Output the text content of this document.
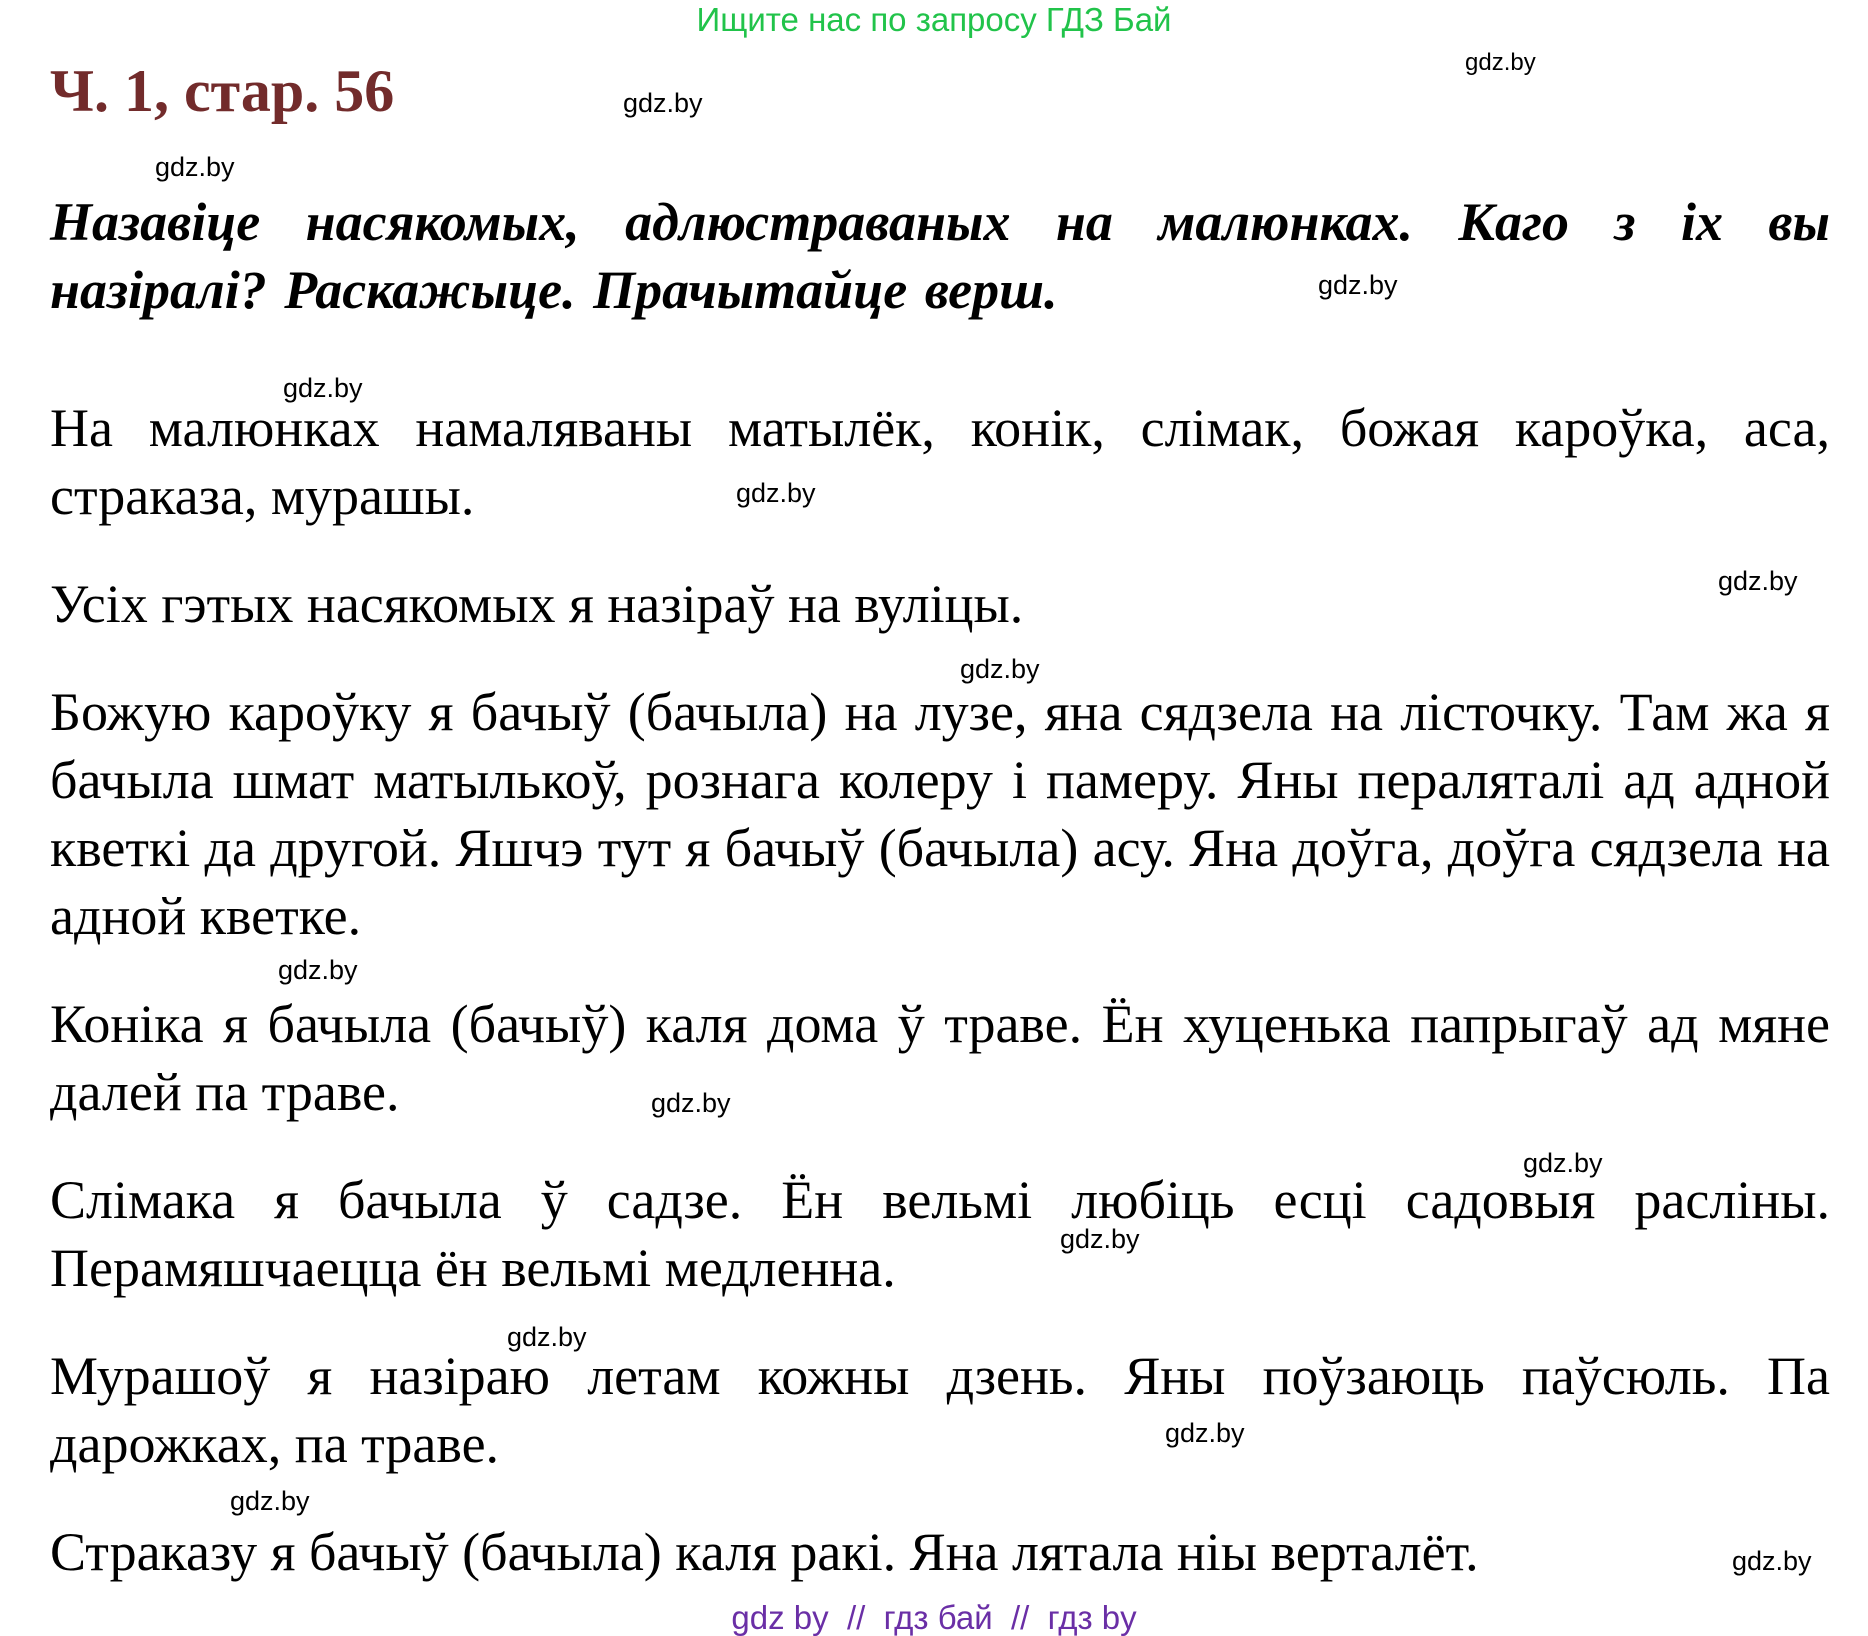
Ищите нас по запросу ГДЗ Бай
Ч. 1, стар. 56	gdz.by
gdz.by
gdz.by

Назавіце насякомых, адлюстраваных на малюнках. Каго з іх вы назіралі? Раскажыце. Прачытайце верш.	gdz.by
gdz.by

На малюнках намаляваны матылёк, конік, слімак, божая кароўка, аса, страказа, мурашы.	gdz.by
gdz.by

Усіх гэтых насякомых я назіраў на вуліцы.

gdz.by

Божую кароўку я бачыў (бачыла) на лузе, яна сядзела на лісточку. Там жа я бачыла шмат матылькоў, рознага колеру і памеру. Яны пераляталі ад адной кветкі да другой. Яшчэ тут я бачыў (бачыла) асу. Яна доўга, доўга сядзела на адной кветке.

gdz.by

Коніка я бачыла (бачыў) каля дома ў траве. Ён хуценька папрыгаў ад мяне далей па траве.	gdz.by
gdz.by

Слімака я бачыла ў садзе. Ён вельмі любіць есці садовыя расліны. Перамяшчаецца ён вельмі медленна.	gdz.by
gdz.by

Мурашоў я назіраю летам кожны дзень. Яны поўзаюць паўсюль. Па дарожках, па траве.	gdz.by
gdz.by

Страказу я бачыў (бачыла) каля ракі. Яна лятала ніы верталёт.	gdz.by
gdz by  //  гдз бай  //  гдз by
